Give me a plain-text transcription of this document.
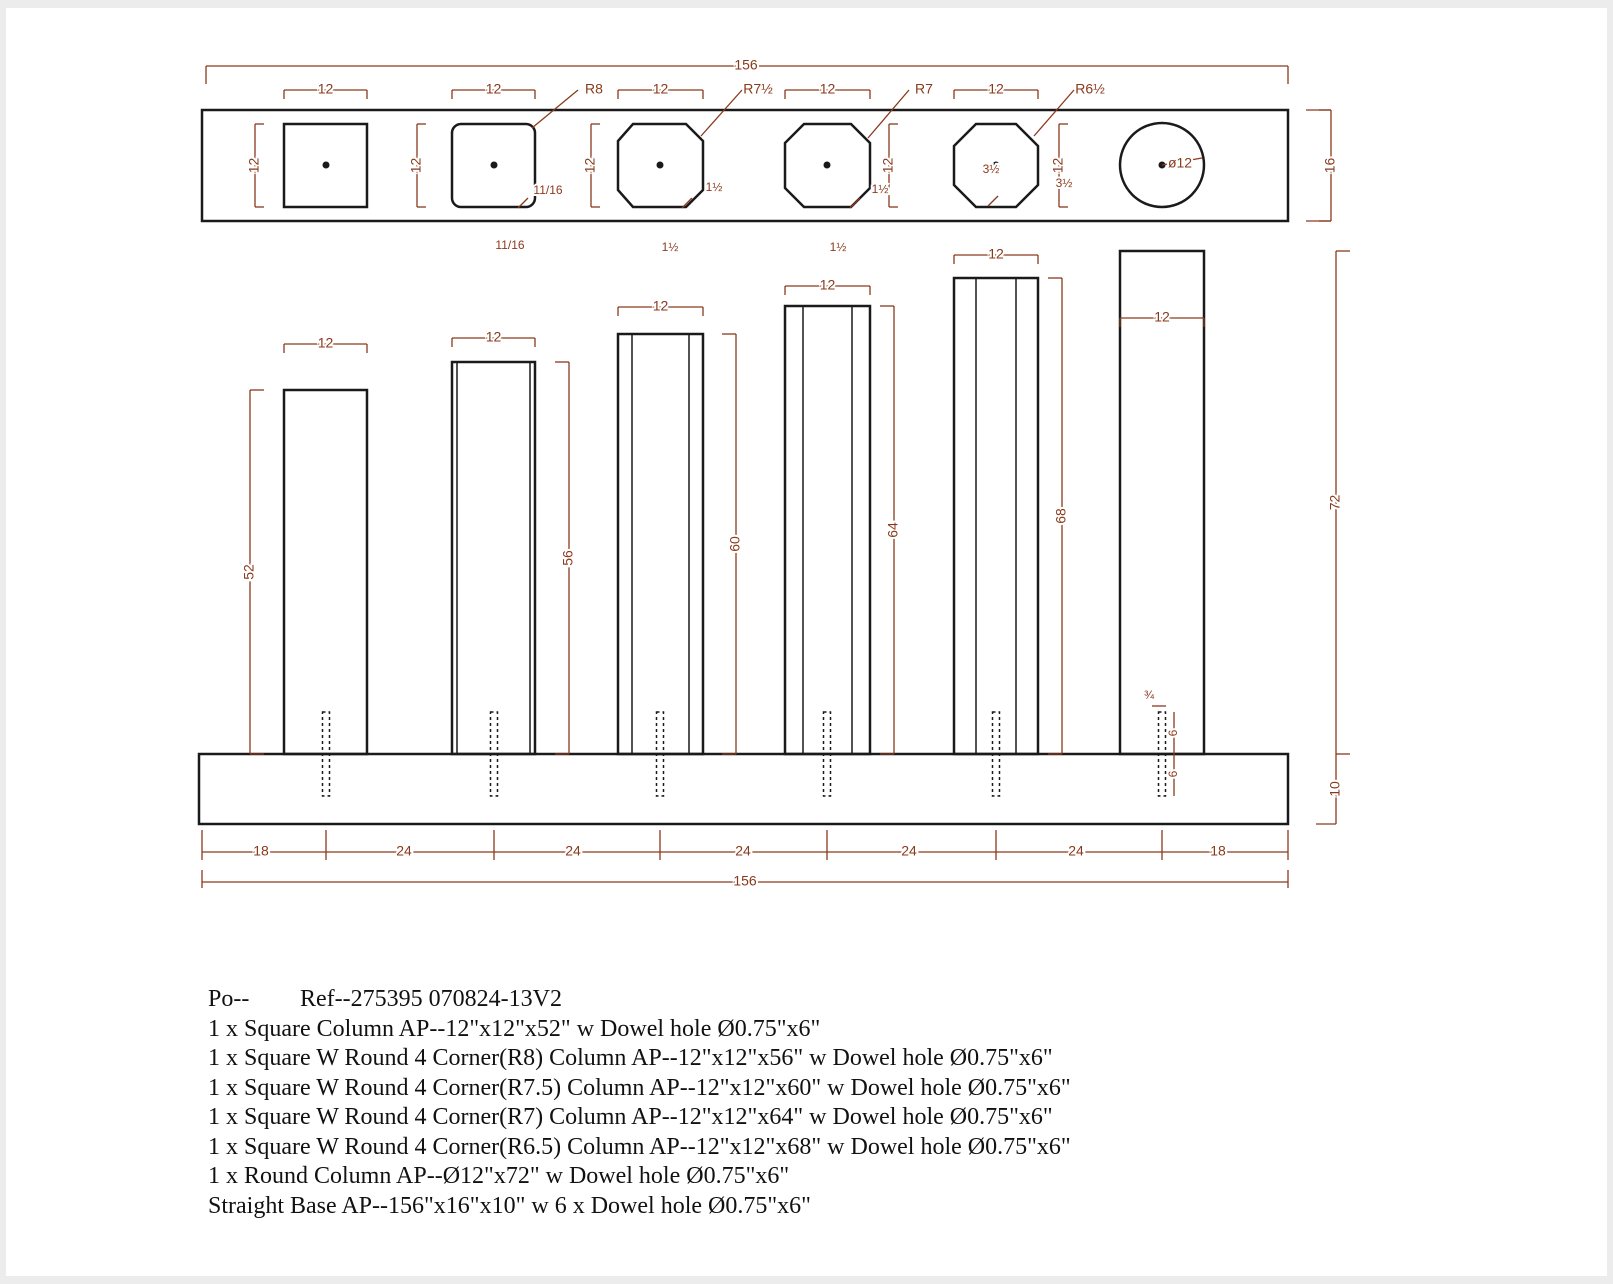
156
12
12
12
12
12
12
12
12
12
12
R8	R7½	R7	R6½
11/16
11/16
1½
1½
1½
1½
3½
3½	ø12	16
12	12
12
12
12
12
52
56
60
64
68
72
10
¾
6
6
18	24	24	24	24	24	18
156
Po-- Ref--275395 070824-13V2
1 x Square Column AP--12"x12"x52" w Dowel hole Ø0.75"x6"
1 x Square W Round 4 Corner(R8) Column AP--12"x12"x56" w Dowel hole Ø0.75"x6"
1 x Square W Round 4 Corner(R7.5) Column AP--12"x12"x60" w Dowel hole Ø0.75"x6"
1 x Square W Round 4 Corner(R7) Column AP--12"x12"x64" w Dowel hole Ø0.75"x6"
1 x Square W Round 4 Corner(R6.5) Column AP--12"x12"x68" w Dowel hole Ø0.75"x6"
1 x Round Column AP--Ø12"x72" w Dowel hole Ø0.75"x6"
Straight Base AP--156"x16"x10" w 6 x Dowel hole Ø0.75"x6"
